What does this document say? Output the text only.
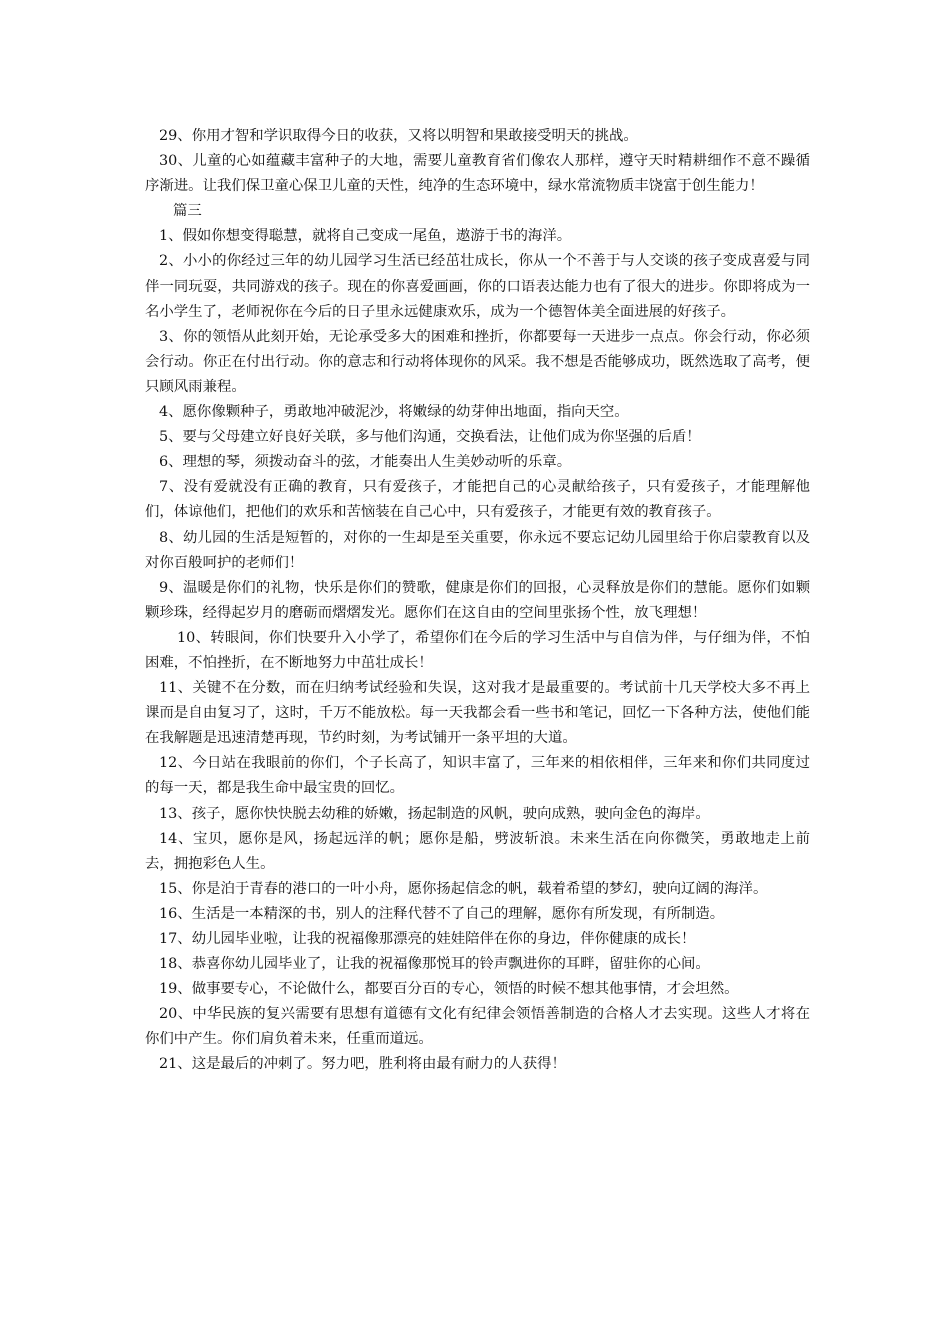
29、你用才智和学识取得今日的收获，又将以明智和果敢接受明天的挑战。

30、儿童的心如蕴藏丰富种子的大地，需要儿童教育省们像农人那样，遵守天时精耕细作不意不躁循序渐进。让我们保卫童心保卫儿童的天性，纯净的生态环境中，绿水常流物质丰饶富于创生能力！

篇三

1、假如你想变得聪慧，就将自己变成一尾鱼，遨游于书的海洋。

2、小小的你经过三年的幼儿园学习生活已经茁壮成长，你从一个不善于与人交谈的孩子变成喜爱与同伴一同玩耍，共同游戏的孩子。现在的你喜爱画画，你的口语表达能力也有了很大的进步。你即将成为一名小学生了，老师祝你在今后的日子里永远健康欢乐，成为一个德智体美全面进展的好孩子。

3、你的领悟从此刻开始，无论承受多大的困难和挫折，你都要每一天进步一点点。你会行动，你必须会行动。你正在付出行动。你的意志和行动将体现你的风采。我不想是否能够成功，既然选取了高考，便只顾风雨兼程。

4、愿你像颗种子，勇敢地冲破泥沙，将嫩绿的幼芽伸出地面，指向天空。

5、要与父母建立好良好关联，多与他们沟通，交换看法，让他们成为你坚强的后盾！

6、理想的琴，须拨动奋斗的弦，才能奏出人生美妙动听的乐章。

7、没有爱就没有正确的教育，只有爱孩子，才能把自己的心灵献给孩子，只有爱孩子，才能理解他们，体谅他们，把他们的欢乐和苦恼装在自己心中，只有爱孩子，才能更有效的教育孩子。

8、幼儿园的生活是短暂的，对你的一生却是至关重要，你永远不要忘记幼儿园里给于你启蒙教育以及对你百般呵护的老师们！

9、温暖是你们的礼物，快乐是你们的赞歌，健康是你们的回报，心灵释放是你们的慧能。愿你们如颗颗珍珠，经得起岁月的磨砺而熠熠发光。愿你们在这自由的空间里张扬个性，放飞理想！

10、转眼间，你们快要升入小学了，希望你们在今后的学习生活中与自信为伴，与仔细为伴，不怕困难，不怕挫折，在不断地努力中茁壮成长！

11、关键不在分数，而在归纳考试经验和失误，这对我才是最重要的。考试前十几天学校大多不再上课而是自由复习了，这时，千万不能放松。每一天我都会看一些书和笔记，回忆一下各种方法，使他们能在我解题是迅速清楚再现，节约时刻，为考试铺开一条平坦的大道。

12、今日站在我眼前的你们，个子长高了，知识丰富了，三年来的相依相伴，三年来和你们共同度过的每一天，都是我生命中最宝贵的回忆。

13、孩子，愿你快快脱去幼稚的娇嫩，扬起制造的风帆，驶向成熟，驶向金色的海岸。

14、宝贝，愿你是风，扬起远洋的帆；愿你是船，劈波斩浪。未来生活在向你微笑，勇敢地走上前去，拥抱彩色人生。

15、你是泊于青春的港口的一叶小舟，愿你扬起信念的帆，载着希望的梦幻，驶向辽阔的海洋。

16、生活是一本精深的书，别人的注释代替不了自己的理解，愿你有所发现，有所制造。

17、幼儿园毕业啦，让我的祝福像那漂亮的娃娃陪伴在你的身边，伴你健康的成长！

18、恭喜你幼儿园毕业了，让我的祝福像那悦耳的铃声飘进你的耳畔，留驻你的心间。

19、做事要专心，不论做什么，都要百分百的专心，领悟的时候不想其他事情，才会坦然。

20、中华民族的复兴需要有思想有道德有文化有纪律会领悟善制造的合格人才去实现。这些人才将在你们中产生。你们肩负着未来，任重而道远。

21、这是最后的冲刺了。努力吧，胜利将由最有耐力的人获得！
